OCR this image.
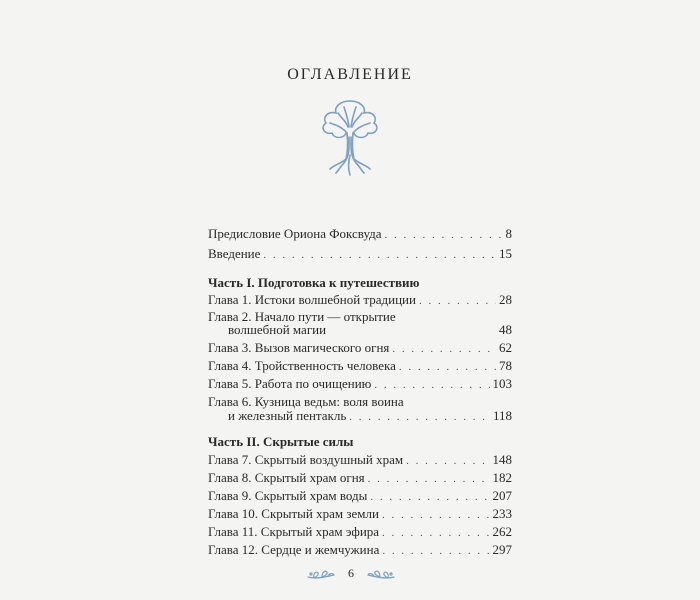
ОГЛАВЛЕНИЕ
Предисловие Ориона Фоксвуда . . .	8
Введение . . .	15
Часть I. Подготовка к путешествию
Глава 1. Истоки волшебной традиции . . .	28
Глава 2. Начало пути — открытие
волшебной магии	48
Глава 3. Вызов магического огня . . .	62
Глава 4. Тройственность человека . . .	78
Глава 5. Работа по очищению . . .	103
Глава 6. Кузница ведьм: воля воина
и железный пентакль . . .	118
Часть II. Скрытые силы
Глава 7. Скрытый воздушный храм . . .	148
Глава 8. Скрытый храм огня . . .	182
Глава 9. Скрытый храм воды . . .	207
Глава 10. Скрытый храм земли . . .	233
Глава 11. Скрытый храм эфира . . .	262
Глава 12. Сердце и жемчужина . . .	297
6
